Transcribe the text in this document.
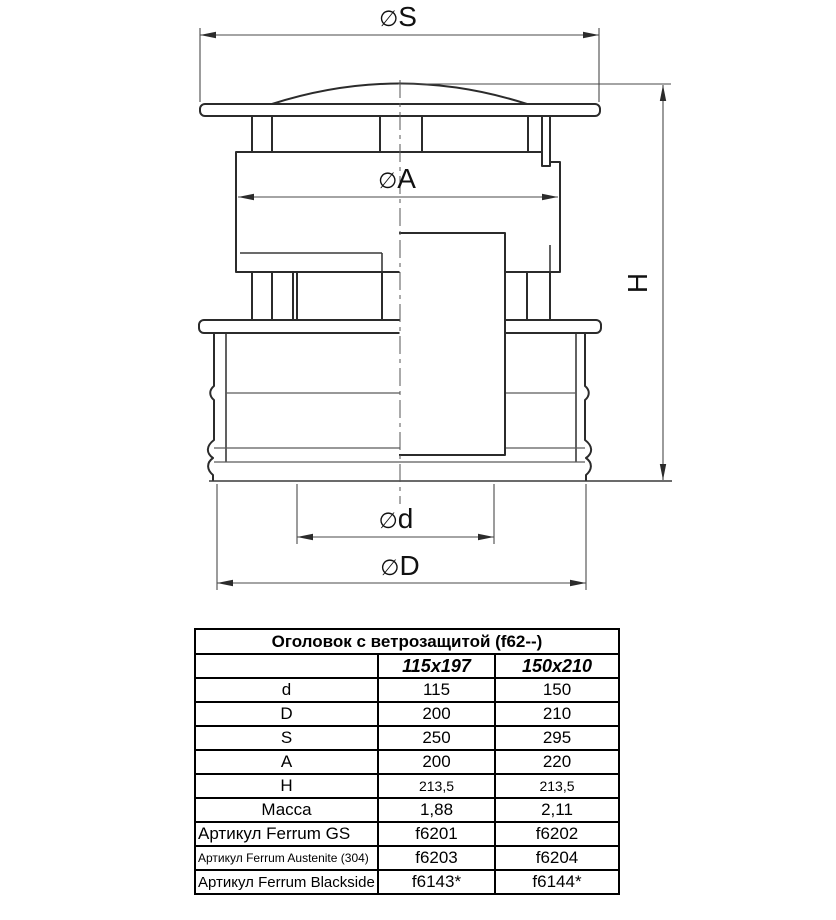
∅S
∅A
∅d
∅D
H
Оголовок с ветрозащитой (f62--)		
	115x197	150x210
d	115	150
D	200	210
S	250	295
A	200	220
H	213,5	213,5
Масса	1,88	2,11
Артикул Ferrum GS	f6201	f6202
Артикул Ferrum Austenite (304)	f6203	f6204
Артикул Ferrum Blackside	f6143*	f6144*
